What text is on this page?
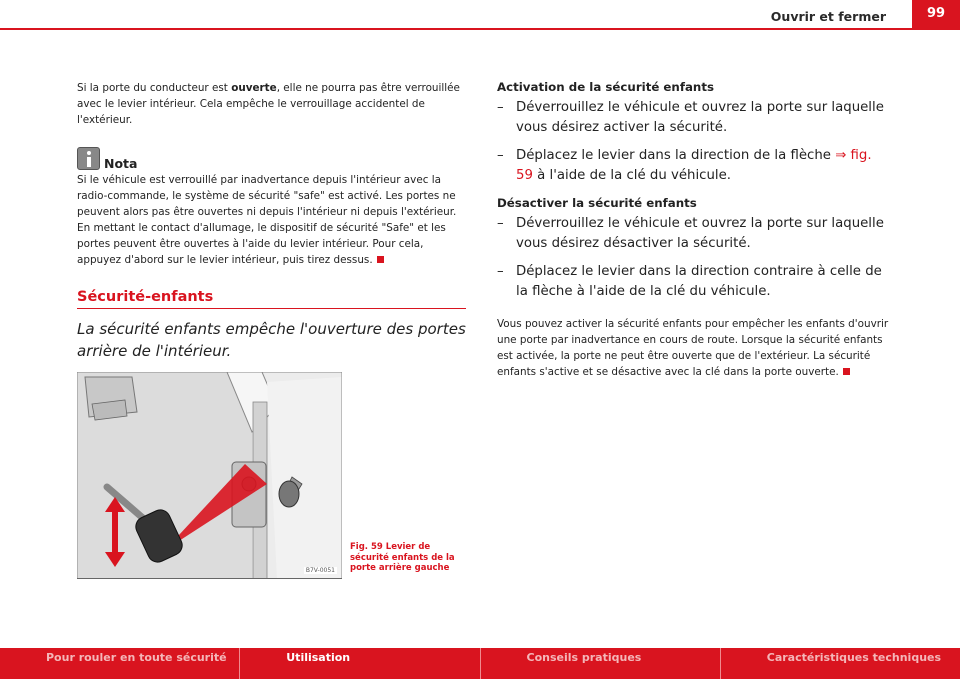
Ouvrir et fermer	99

Si la porte du conducteur est ouverte, elle ne pourra pas être verrouillée avec le levier intérieur. Cela empêche le verrouillage accidentel de l'extérieur.

Nota

Si le véhicule est verrouillé par inadvertance depuis l'intérieur avec la radio-commande, le système de sécurité "safe" est activé. Les portes ne peuvent alors pas être ouvertes ni depuis l'intérieur ni depuis l'extérieur. En mettant le contact d'allumage, le dispositif de sécurité "Safe" et les portes peuvent être ouvertes à l'aide du levier intérieur. Pour cela, appuyez d'abord sur le levier intérieur, puis tirez dessus.

Sécurité-enfants
La sécurité enfants empêche l'ouverture des portes arrière de l'intérieur.
B7V-0051
Fig. 59 Levier de sécurité enfants de la porte arrière gauche
Activation de la sécurité enfants
– Déverrouillez le véhicule et ouvrez la porte sur laquelle vous désirez activer la sécurité.
– Déplacez le levier dans la direction de la flèche ⇒ fig. 59 à l'aide de la clé du véhicule.
Désactiver la sécurité enfants
– Déverrouillez le véhicule et ouvrez la porte sur laquelle vous désirez désactiver la sécurité.
– Déplacez le levier dans la direction contraire à celle de la flèche à l'aide de la clé du véhicule.

Vous pouvez activer la sécurité enfants pour empêcher les enfants d'ouvrir une porte par inadvertance en cours de route. Lorsque la sécurité enfants est activée, la porte ne peut être ouverte que de l'extérieur. La sécurité enfants s'active et se désactive avec la clé dans la porte ouverte.

Pour rouler en toute sécurité	Utilisation	Conseils pratiques	Caractéristiques techniques
